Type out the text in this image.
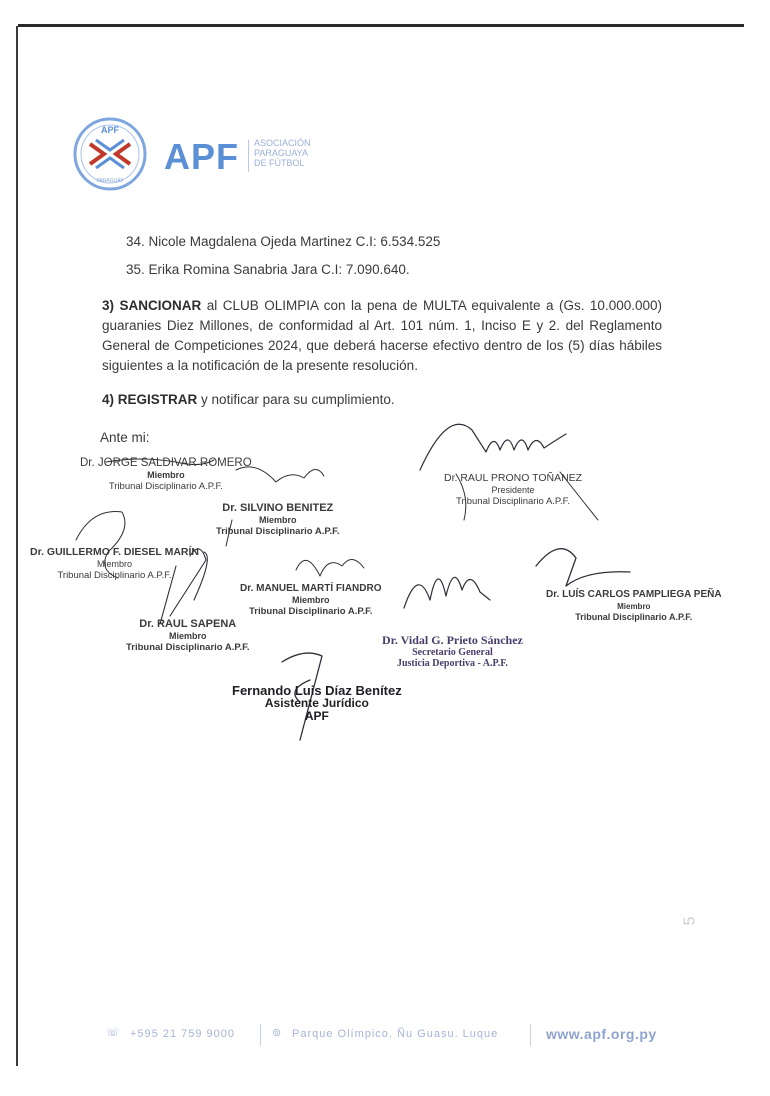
APF
PARAGUAY
APF ASOCIACIÓN
PARAGUAYA
DE FÚTBOL
34. Nicole Magdalena Ojeda Martinez C.I: 6.534.525
35. Erika Romina Sanabria Jara C.I: 7.090.640.
3) SANCIONAR al CLUB OLIMPIA con la pena de MULTA equivalente a (Gs. 10.000.000) guaranies Diez Millones, de conformidad al Art. 101 núm. 1, Inciso E y 2. del Reglamento General de Competiciones 2024, que deberá hacerse efectivo dentro de los (5) días hábiles siguientes a la notificación de la presente resolución.
4) REGISTRAR y notificar para su cumplimiento.
Ante mi:
Dr. JORGE SALDIVAR ROMERO
Miembro
Tribunal Disciplinario A.P.F.
Dr. SILVINO BENITEZ
Miembro
Tribunal Disciplinario A.P.F.
Dr. RAUL PRONO TOÑANEZ
Presidente
Tribunal Disciplinario A.P.F.
Dr. GUILLERMO F. DIESEL MARÍN
Miembro
Tribunal Disciplinario A.P.F.
Dr. MANUEL MARTÍ FIANDRO
Miembro
Tribunal Disciplinario A.P.F.
Dr. LUÍS CARLOS PAMPLIEGA PEÑA
Miembro
Tribunal Disciplinario A.P.F.
Dr. RAUL SAPENA
Miembro
Tribunal Disciplinario A.P.F.
Dr. Vidal G. Prieto Sánchez
Secretario General
Justicia Deportiva - A.P.F.
Fernando Luis Díaz Benítez
Asistente Jurídico
APF
5
☏ +595 21 759 9000	⊚ Parque Olímpico. Ñu Guasu. Luque	www.apf.org.py
